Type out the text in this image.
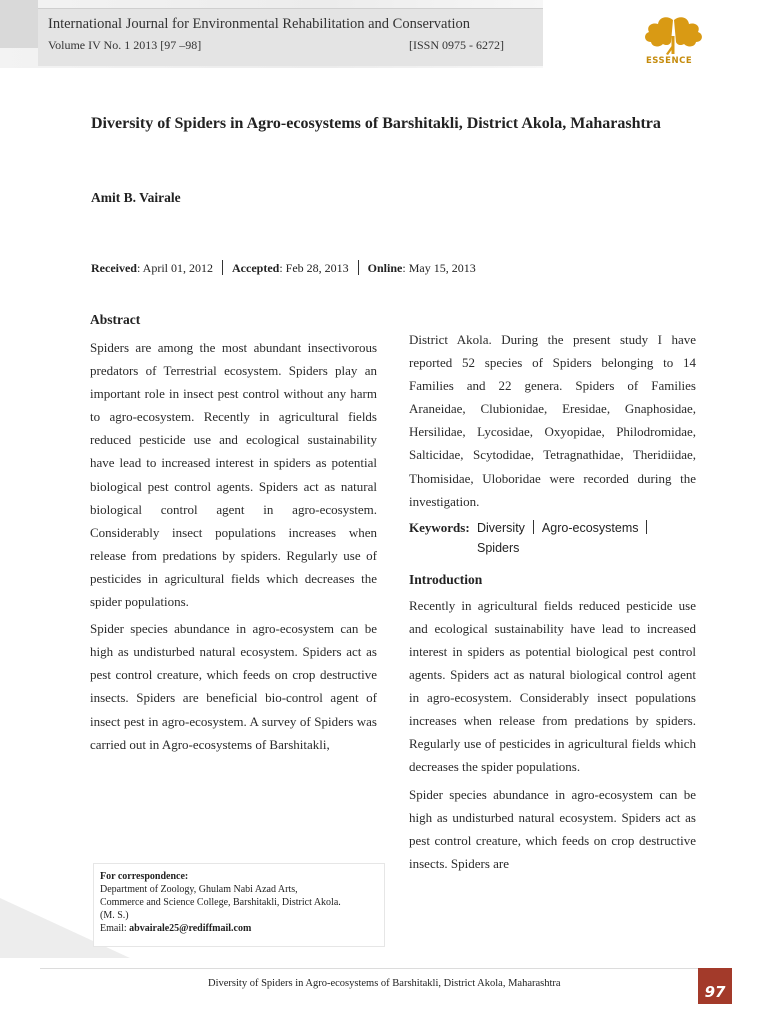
International Journal for Environmental Rehabilitation and Conservation
Volume IV No. 1 2013 [97 –98]	[ISSN 0975 - 6272]
ESSENCE
Diversity of Spiders in Agro-ecosystems of Barshitakli, District Akola, Maharashtra
Amit B. Vairale
Received: April 01, 2012 Accepted: Feb 28, 2013 Online: May 15, 2013
Abstract

Spiders are among the most abundant insectivorous predators of Terrestrial ecosystem. Spiders play an important role in insect pest control without any harm to agro-ecosystem. Recently in agricultural fields reduced pesticide use and ecological sustainability have lead to increased interest in spiders as potential biological pest control agents. Spiders act as natural biological control agent in agro-ecosystem. Considerably insect populations increases when release from predations by spiders. Regularly use of pesticides in agricultural fields which decreases the spider populations.

Spider species abundance in agro-ecosystem can be high as undisturbed natural ecosystem. Spiders act as pest control creature, which feeds on crop destructive insects. Spiders are beneficial bio-control agent of insect pest in agro-ecosystem. A survey of Spiders was carried out in Agro-ecosystems of Barshitakli,

District Akola. During the present study I have reported 52 species of Spiders belonging to 14 Families and 22 genera. Spiders of Families Araneidae, Clubionidae, Eresidae, Gnaphosidae, Hersilidae, Lycosidae, Oxyopidae, Philodromidae, Salticidae, Scytodidae, Tetragnathidae, Theridiidae, Thomisidae, Uloboridae were recorded during the investigation.

Keywords: Diversity Agro-ecosystems
Spiders
Introduction

Recently in agricultural fields reduced pesticide use and ecological sustainability have lead to increased interest in spiders as potential biological pest control agents. Spiders act as natural biological control agent in agro-ecosystem. Considerably insect populations increases when release from predations by spiders. Regularly use of pesticides in agricultural fields which decreases the spider populations.

Spider species abundance in agro-ecosystem can be high as undisturbed natural ecosystem. Spiders act as pest control creature, which feeds on crop destructive insects. Spiders are

For correspondence:
Department of Zoology, Ghulam Nabi Azad Arts,
Commerce and Science College, Barshitakli, District Akola.
(M. S.)
Email: abvairale25@rediffmail.com
Diversity of Spiders in Agro-ecosystems of Barshitakli, District Akola, Maharashtra	97
